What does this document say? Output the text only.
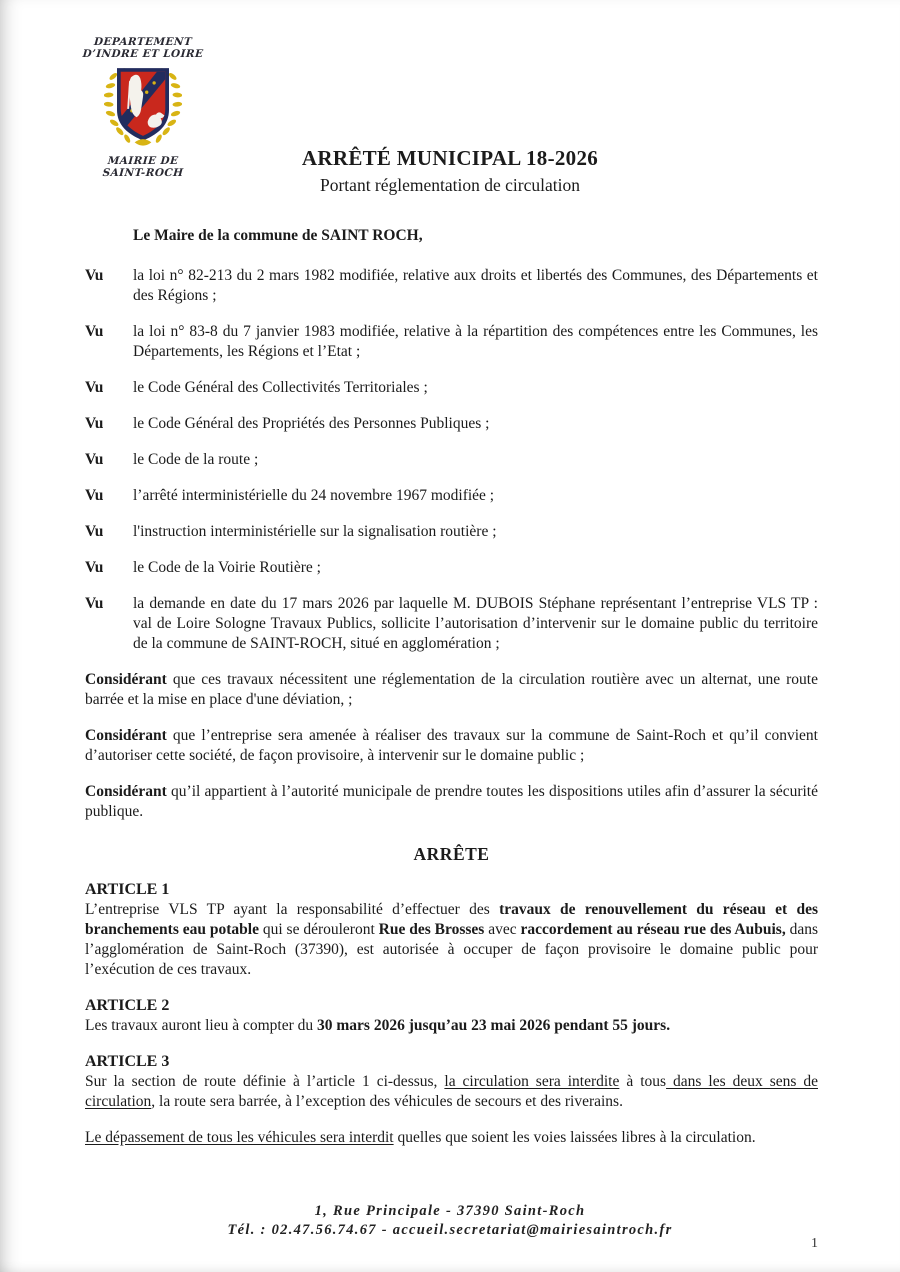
DEPARTEMENT
D’INDRE ET LOIRE
MAIRIE DE
SAINT-ROCH
ARRÊTÉ MUNICIPAL 18-2026
Portant réglementation de circulation

Le Maire de la commune de SAINT ROCH,

Vu	la loi n° 82-213 du 2 mars 1982 modifiée, relative aux droits et libertés des Communes, des Départements et des Régions ;

Vu	la loi n° 83-8 du 7 janvier 1983 modifiée, relative à la répartition des compétences entre les Communes, les Départements, les Régions et l’Etat ;

Vu	le Code Général des Collectivités Territoriales ;

Vu	le Code Général des Propriétés des Personnes Publiques ;

Vu	le Code de la route ;

Vu	l’arrêté interministérielle du 24 novembre 1967 modifiée ;

Vu	l'instruction interministérielle sur la signalisation routière ;

Vu	le Code de la Voirie Routière ;

Vu	la demande en date du 17 mars 2026 par laquelle M. DUBOIS Stéphane représentant l’entreprise VLS TP : val de Loire Sologne Travaux Publics, sollicite l’autorisation d’intervenir sur le domaine public du territoire de la commune de SAINT-ROCH, situé en agglomération ;

Considérant que ces travaux nécessitent une réglementation de la circulation routière avec un alternat, une route barrée et la mise en place d'une déviation, ;

Considérant que l’entreprise sera amenée à réaliser des travaux sur la commune de Saint-Roch et qu’il convient d’autoriser cette société, de façon provisoire, à intervenir sur le domaine public ;

Considérant qu’il appartient à l’autorité municipale de prendre toutes les dispositions utiles afin d’assurer la sécurité publique.

ARRÊTE
ARTICLE 1

L’entreprise VLS TP ayant la responsabilité d’effectuer des travaux de renouvellement du réseau et des branchements eau potable qui se dérouleront Rue des Brosses avec raccordement au réseau rue des Aubuis, dans l’agglomération de Saint-Roch (37390), est autorisée à occuper de façon provisoire le domaine public pour l’exécution de ces travaux.

ARTICLE 2

Les travaux auront lieu à compter du 30 mars 2026 jusqu’au 23 mai 2026 pendant 55 jours.

ARTICLE 3

Sur la section de route définie à l’article 1 ci-dessus, la circulation sera interdite à tous dans les deux sens de circulation, la route sera barrée, à l’exception des véhicules de secours et des riverains.

Le dépassement de tous les véhicules sera interdit quelles que soient les voies laissées libres à la circulation.

1, Rue Principale - 37390 Saint-Roch
Tél. : 02.47.56.74.67 - accueil.secretariat@mairiesaintroch.fr
1
